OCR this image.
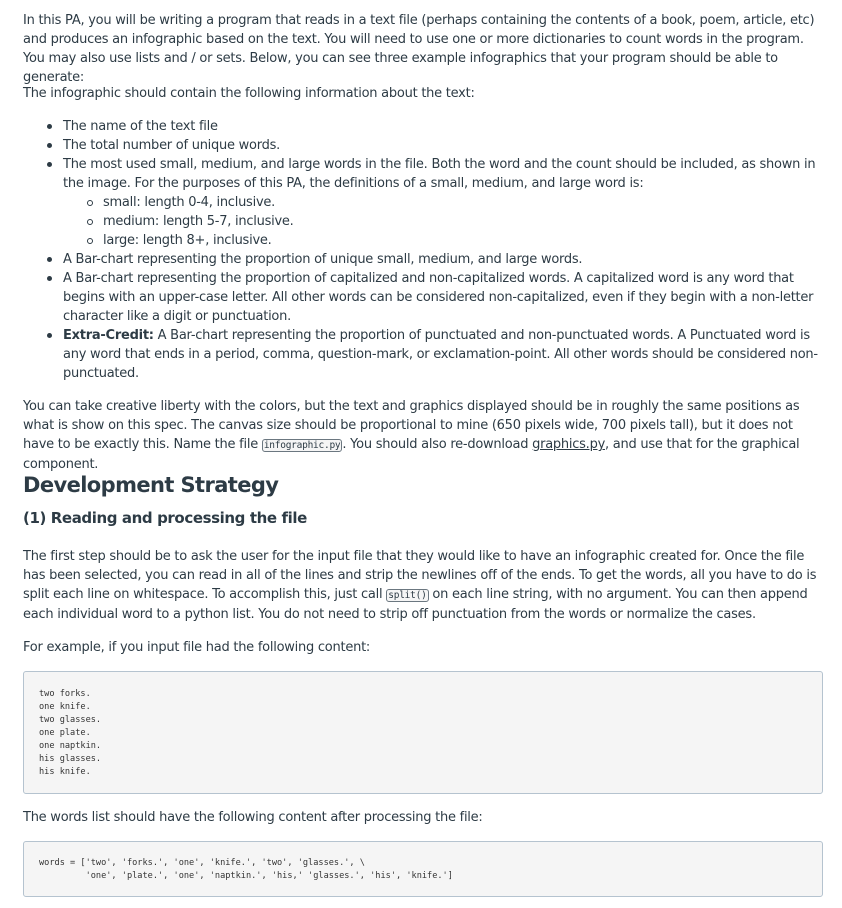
In this PA, you will be writing a program that reads in a text file (perhaps containing the contents of a book, poem, article, etc) and produces an infographic based on the text. You will need to use one or more dictionaries to count words in the program. You may also use lists and / or sets. Below, you can see three example infographics that your program should be able to generate:

The infographic should contain the following information about the text:

The name of the text file
The total number of unique words.
The most used small, medium, and large words in the file. Both the word and the count should be included, as shown in the image. For the purposes of this PA, the definitions of a small, medium, and large word is:
small: length 0-4, inclusive.
medium: length 5-7, inclusive.
large: length 8+, inclusive.
A Bar-chart representing the proportion of unique small, medium, and large words.
A Bar-chart representing the proportion of capitalized and non-capitalized words. A capitalized word is any word that begins with an upper-case letter. All other words can be considered non-capitalized, even if they begin with a non-letter character like a digit or punctuation.
Extra-Credit: A Bar-chart representing the proportion of punctuated and non-punctuated words. A Punctuated word is any word that ends in a period, comma, question-mark, or exclamation-point. All other words should be considered non-punctuated.

You can take creative liberty with the colors, but the text and graphics displayed should be in roughly the same positions as what is show on this spec. The canvas size should be proportional to mine (650 pixels wide, 700 pixels tall), but it does not have to be exactly this. Name the file infographic.py . You should also re-download graphics.py, and use that for the graphical component.

Development Strategy
(1) Reading and processing the file

The first step should be to ask the user for the input file that they would like to have an infographic created for. Once the file has been selected, you can read in all of the lines and strip the newlines off of the ends. To get the words, all you have to do is split each line on whitespace. To accomplish this, just call split() on each line string, with no argument. You can then append each individual word to a python list. You do not need to strip off punctuation from the words or normalize the cases.

For example, if you input file had the following content:

two forks.
one knife.
two glasses.
one plate.
one naptkin.
his glasses.
his knife.

The words list should have the following content after processing the file:

words = ['two', 'forks.', 'one', 'knife.', 'two', 'glasses.', \
'one', 'plate.', 'one', 'naptkin.', 'his,' 'glasses.', 'his', 'knife.']
